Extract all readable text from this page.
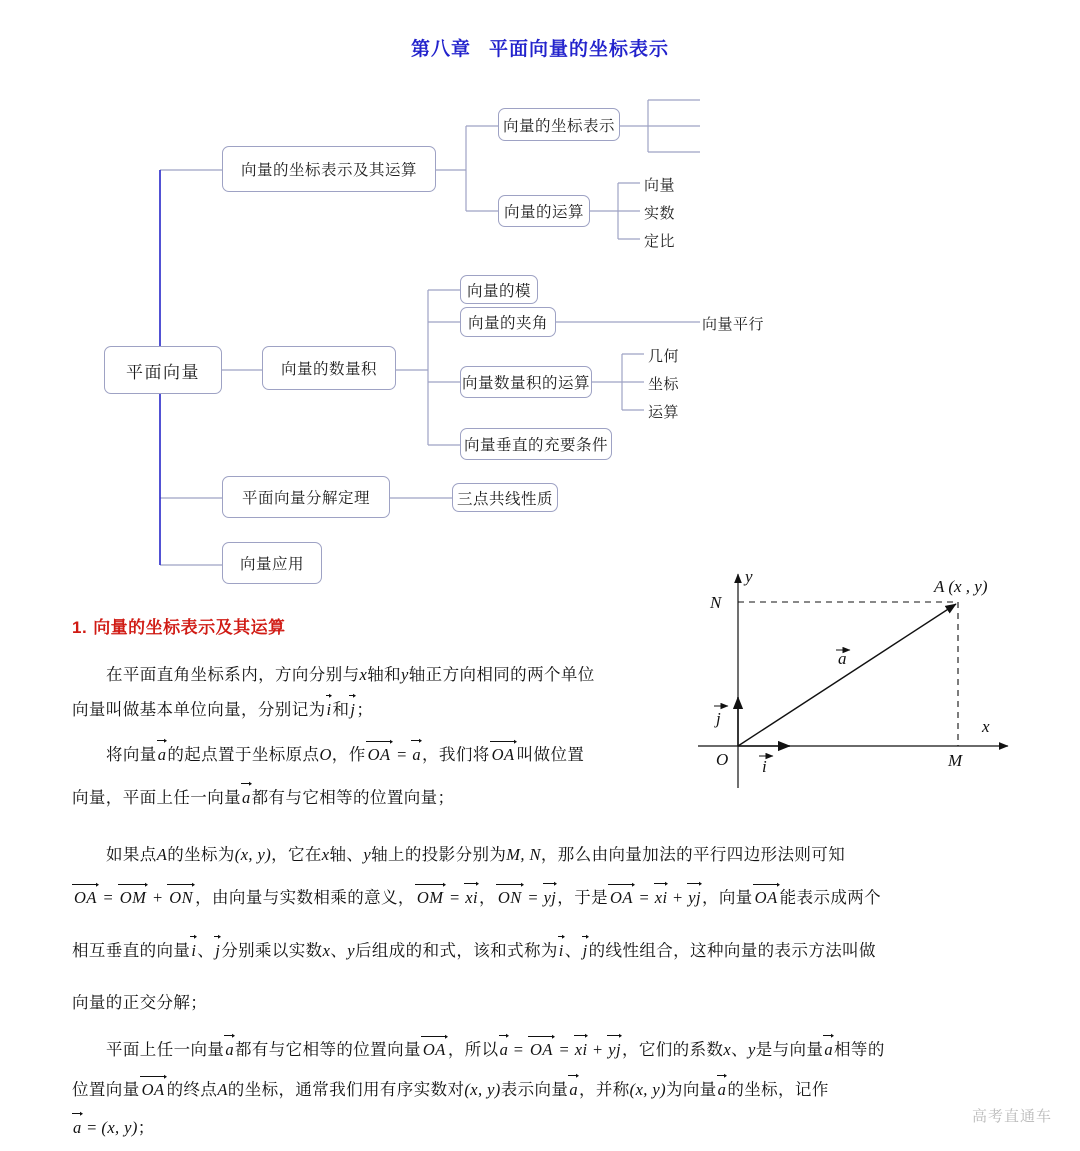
第八章 平面向量的坐标表示
平面向量
向量的坐标表示及其运算
向量的坐标表示
向量的运算
向量的数量积
向量的模
向量的夹角
向量数量积的运算
向量垂直的充要条件
平面向量分解定理	三点共线性质
向量应用
向量
实数
定比
向量平行
几何
坐标
运算
1. 向量的坐标表示及其运算
在平面直角坐标系内，方向分别与x轴和y轴正方向相同的两个单位
向量叫做基本单位向量，分别记为i和j；
将向量a的起点置于坐标原点O，作 OA = a，我们将 OA 叫做位置
向量，平面上任一向量a都有与它相等的位置向量；
如果点A的坐标为(x, y)，它在x轴、y轴上的投影分别为M, N，那么由向量加法的平行四边形法则可知
OA = OM + ON ，由向量与实数相乘的意义， OM = xi， ON = yj，于是 OA = xi + yj，向量 OA 能表示成两个
相互垂直的向量i、j分别乘以实数x、y后组成的和式，该和式称为i、j的线性组合，这种向量的表示方法叫做
向量的正交分解；
平面上任一向量a都有与它相等的位置向量 OA ，所以a = OA = xi + yj，它们的系数x、y是与向量a相等的
位置向量 OA 的终点A的坐标，通常我们用有序实数对(x, y)表示向量a，并称(x, y)为向量a的坐标，记作
a = (x, y)；
y
x
O
N
M
A (x , y)
a
i
j
高考直通车
